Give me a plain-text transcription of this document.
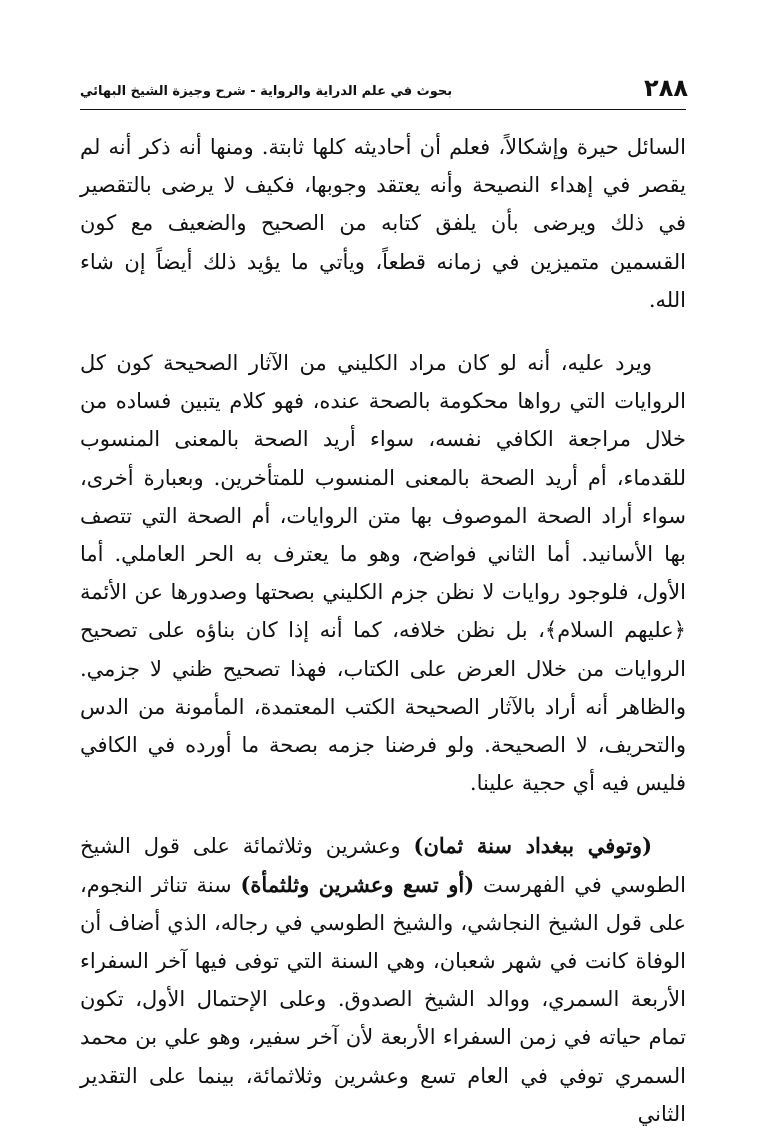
٢٨٨
بحوث في علم الدراية والرواية - شرح وجيزة الشيخ البهائي

السائل حيرة وإشكالاً، فعلم أن أحاديثه كلها ثابتة. ومنها أنه ذكر أنه لم يقصر في إهداء النصيحة وأنه يعتقد وجوبها، فكيف لا يرضى بالتقصير في ذلك ويرضى بأن يلفق كتابه من الصحيح والضعيف مع كون القسمين متميزين في زمانه قطعاً، ويأتي ما يؤيد ذلك أيضاً إن شاء الله.

ويرد عليه، أنه لو كان مراد الكليني من الآثار الصحيحة كون كل الروايات التي رواها محكومة بالصحة عنده، فهو كلام يتبين فساده من خلال مراجعة الكافي نفسه، سواء أريد الصحة بالمعنى المنسوب للقدماء، أم أريد الصحة بالمعنى المنسوب للمتأخرين. وبعبارة أخرى، سواء أراد الصحة الموصوف بها متن الروايات، أم الصحة التي تتصف بها الأسانيد. أما الثاني فواضح، وهو ما يعترف به الحر العاملي. أما الأول، فلوجود روايات لا نظن جزم الكليني بصحتها وصدورها عن الأئمة ﴿عليهم السلام﴾، بل نظن خلافه، كما أنه إذا كان بناؤه على تصحيح الروايات من خلال العرض على الكتاب، فهذا تصحيح ظني لا جزمي. والظاهر أنه أراد بالآثار الصحيحة الكتب المعتمدة، المأمونة من الدس والتحريف، لا الصحيحة. ولو فرضنا جزمه بصحة ما أورده في الكافي فليس فيه أي حجية علينا.

(وتوفي ببغداد سنة ثمان) وعشرين وثلاثمائة على قول الشيخ الطوسي في الفهرست (أو تسع وعشرين وثلثمأة) سنة تناثر النجوم، على قول الشيخ النجاشي، والشيخ الطوسي في رجاله، الذي أضاف أن الوفاة كانت في شهر شعبان، وهي السنة التي توفى فيها آخر السفراء الأربعة السمري، ووالد الشيخ الصدوق. وعلى الإحتمال الأول، تكون تمام حياته في زمن السفراء الأربعة لأن آخر سفير، وهو علي بن محمد السمري توفي في العام تسع وعشرين وثلاثمائة، بينما على التقدير الثاني
